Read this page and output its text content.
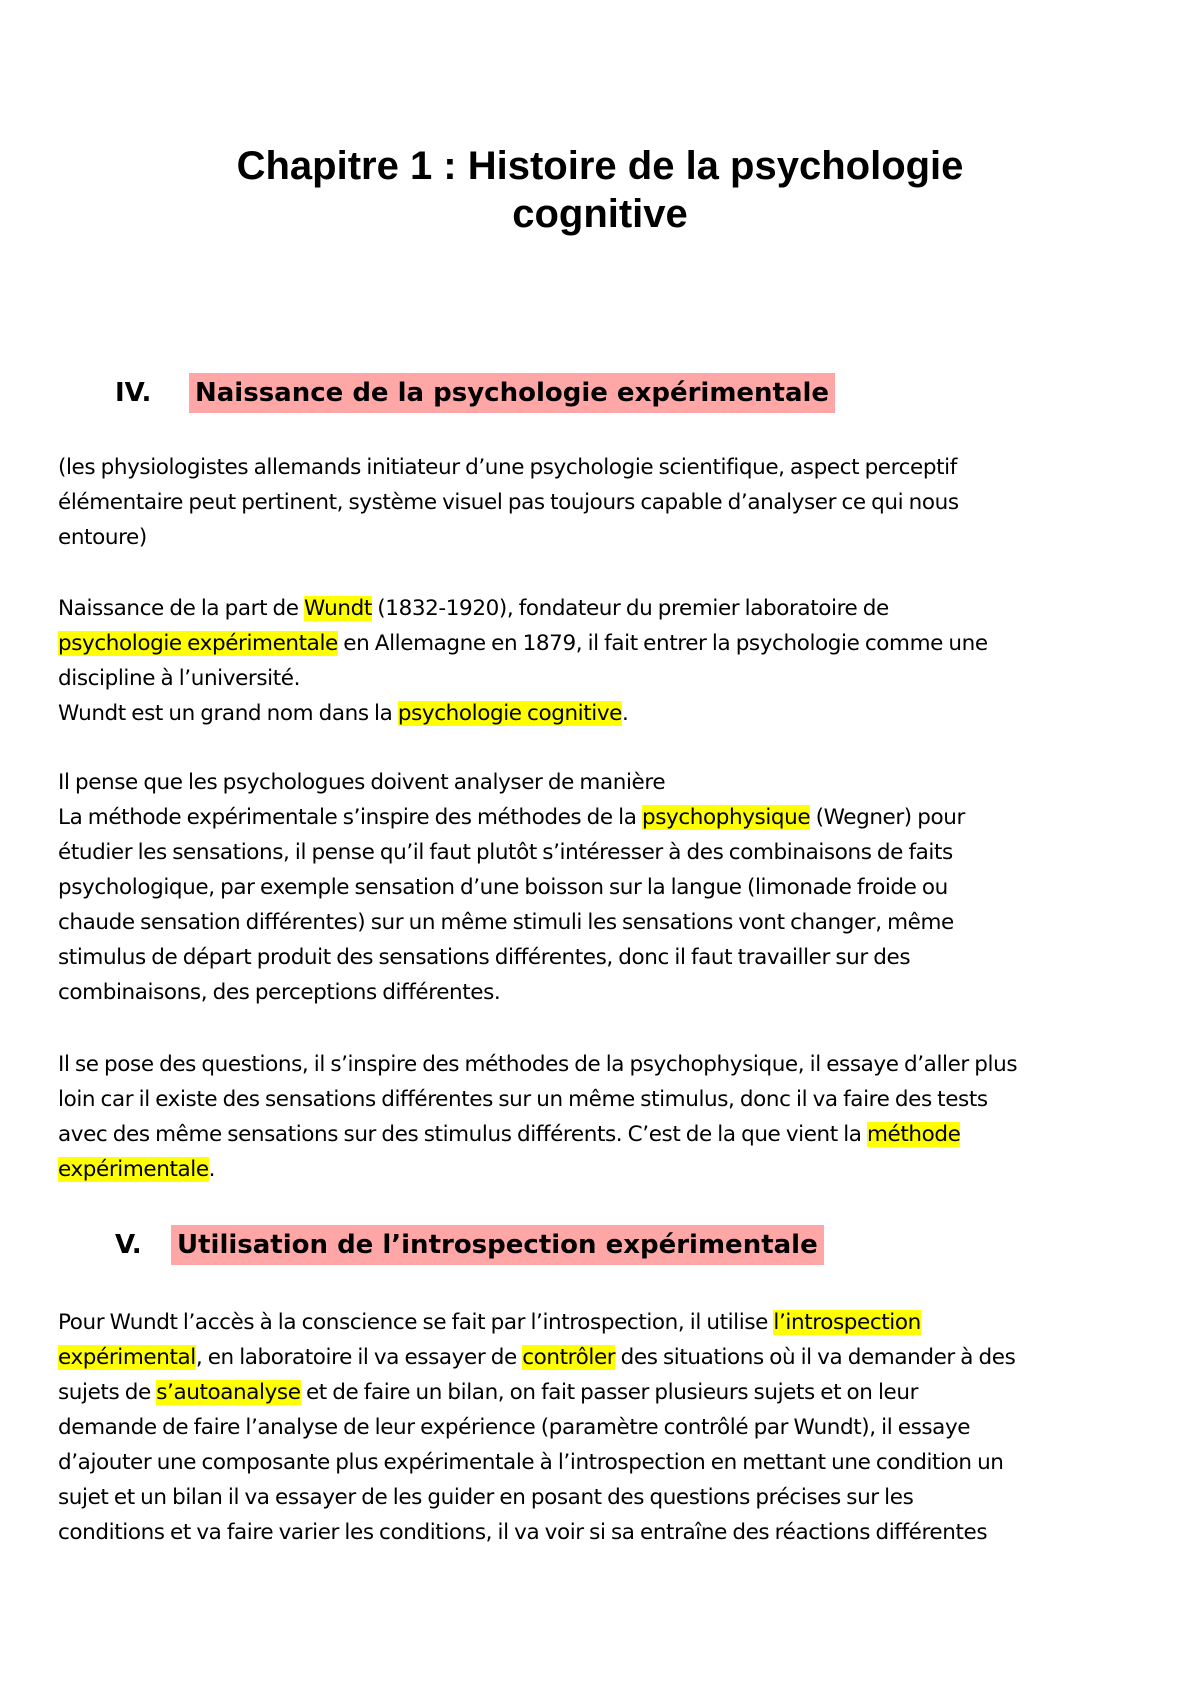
Chapitre 1 : Histoire de la psychologie
cognitive
IV. Naissance de la psychologie expérimentale

(les physiologistes allemands initiateur d’une psychologie scientifique, aspect perceptif
élémentaire peut pertinent, système visuel pas toujours capable d’analyser ce qui nous
entoure)

Naissance de la part de Wundt (1832-1920), fondateur du premier laboratoire de
psychologie expérimentale en Allemagne en 1879, il fait entrer la psychologie comme une
discipline à l’université.
Wundt est un grand nom dans la psychologie cognitive.

Il pense que les psychologues doivent analyser de manière
La méthode expérimentale s’inspire des méthodes de la psychophysique (Wegner) pour
étudier les sensations, il pense qu’il faut plutôt s’intéresser à des combinaisons de faits
psychologique, par exemple sensation d’une boisson sur la langue (limonade froide ou
chaude sensation différentes) sur un même stimuli les sensations vont changer, même
stimulus de départ produit des sensations différentes, donc il faut travailler sur des
combinaisons, des perceptions différentes.

Il se pose des questions, il s’inspire des méthodes de la psychophysique, il essaye d’aller plus
loin car il existe des sensations différentes sur un même stimulus, donc il va faire des tests
avec des même sensations sur des stimulus différents. C’est de la que vient la méthode
expérimentale.

V. Utilisation de l’introspection expérimentale

Pour Wundt l’accès à la conscience se fait par l’introspection, il utilise l’introspection
expérimental, en laboratoire il va essayer de contrôler des situations où il va demander à des
sujets de s’autoanalyse et de faire un bilan, on fait passer plusieurs sujets et on leur
demande de faire l’analyse de leur expérience (paramètre contrôlé par Wundt), il essaye
d’ajouter une composante plus expérimentale à l’introspection en mettant une condition un
sujet et un bilan il va essayer de les guider en posant des questions précises sur les
conditions et va faire varier les conditions, il va voir si sa entraîne des réactions différentes
